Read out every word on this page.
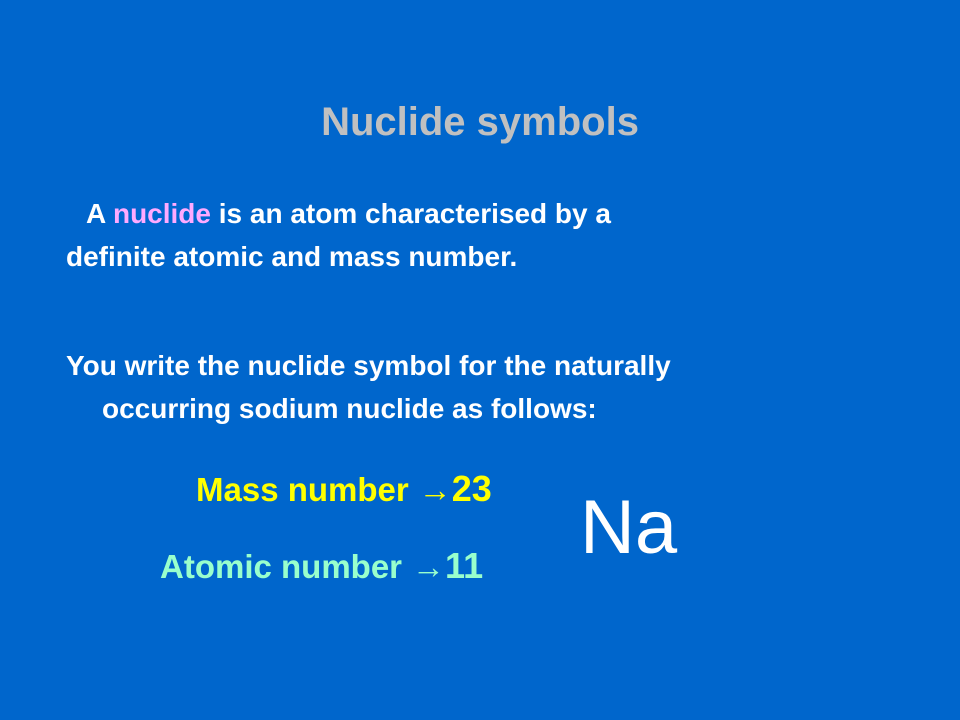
Nuclide symbols
A nuclide is an atom characterised by a
definite atomic and mass number.
You write the nuclide symbol for the naturally
occurring sodium nuclide as follows:
Mass number →23
Atomic number →11 Na
